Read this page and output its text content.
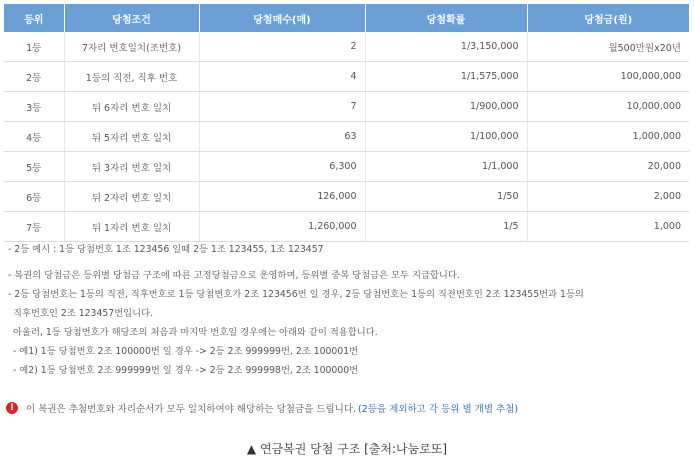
등위	당첨조건	당첨매수(매)	당첨확률	당첨금(원)
1등	7자리 번호일치(조번호)	2	1/3,150,000	월500만원x20년
2등	1등의 직전, 직후 번호	4	1/1,575,000	100,000,000
3등	뒤 6자리 번호 일치	7	1/900,000	10,000,000
4등	뒤 5자리 번호 일치	63	1/100,000	1,000,000
5등	뒤 3자리 번호 일치	6,300	1/1,000	20,000
6등	뒤 2자리 번호 일치	126,000	1/50	2,000
7등	뒤 1자리 번호 일치	1,260,000	1/5	1,000

- 2등 예시 : 1등 당첨번호 1조 123456 일때 2등 1조 123455, 1조 123457

- 복권의 당첨금은 등위별 당첨금 구조에 따른 고정당첨금으로 운영하며, 등위별 중복 당첨금은 모두 지급합니다.

- 2등 당첨번호는 1등의 직전, 직후번호로 1등 당첨번호가 2조 123456번 일 경우, 2등 당첨번호는 1등의 직전번호인 2조 123455번과 1등의

직후번호인 2조 123457번입니다.

아울러, 1등 당첨번호가 해당조의 처음과 마지막 번호일 경우에는 아래와 같이 적용합니다.

- 예1) 1등 당첨번호 2조 100000번 일 경우 -> 2등 2조 999999번, 2조 100001번

- 예2) 1등 당첨번호 2조 999999번 일 경우 -> 2등 2조 999998번, 2조 100000번

!	이 복권은 추첨번호와 자리순서가 모두 일치하여야 해당하는 당첨금을 드립니다. (2등을 제외하고 각 등위 별 개별 추첨)
▲ 연금복권 당첨 구조 [출처:나눔로또]
